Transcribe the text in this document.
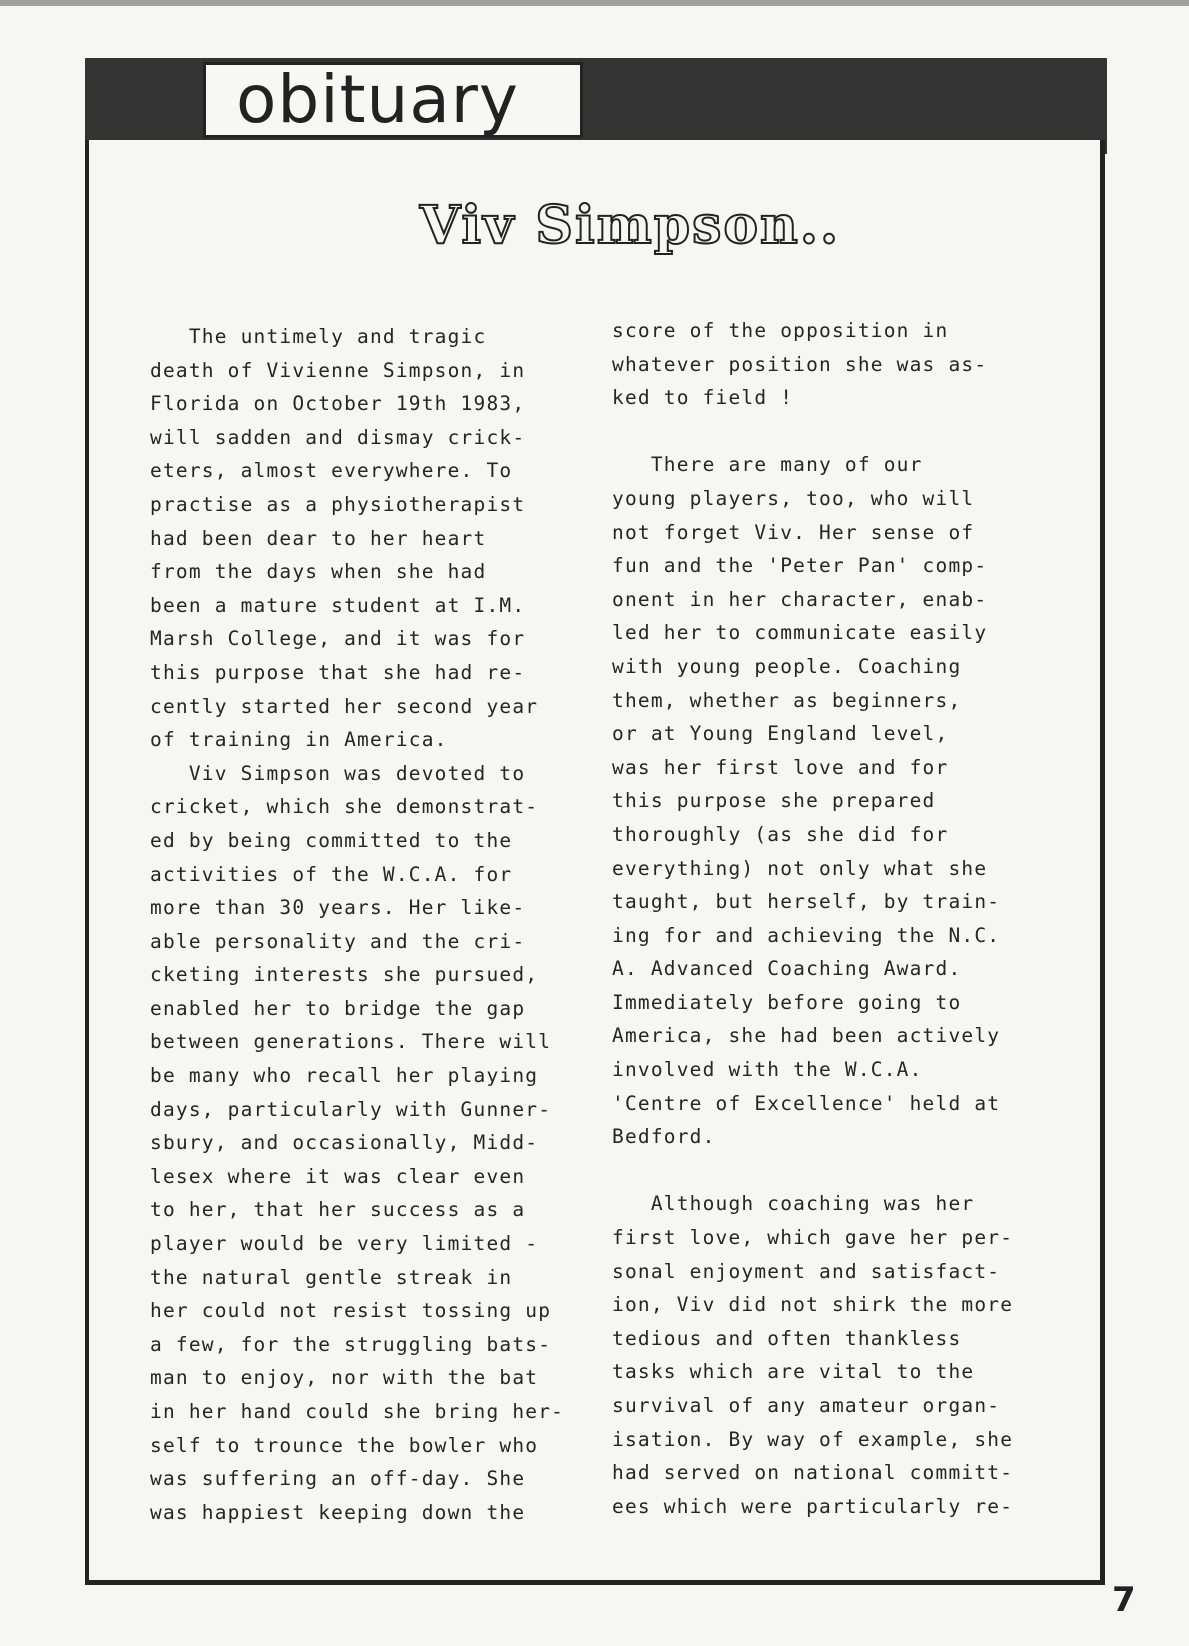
obituary
Viv Simpson..
The untimely and tragic
death of Vivienne Simpson, in
Florida on October 19th 1983,
will sadden and dismay crick-
eters, almost everywhere. To
practise as a physiotherapist
had been dear to her heart
from the days when she had
been a mature student at I.M.
Marsh College, and it was for
this purpose that she had re-
cently started her second year
of training in America.
Viv Simpson was devoted to
cricket, which she demonstrat-
ed by being committed to the
activities of the W.C.A. for
more than 30 years. Her like-
able personality and the cri-
cketing interests she pursued,
enabled her to bridge the gap
between generations. There will
be many who recall her playing
days, particularly with Gunner-
sbury, and occasionally, Midd-
lesex where it was clear even
to her, that her success as a
player would be very limited -
the natural gentle streak in
her could not resist tossing up
a few, for the struggling bats-
man to enjoy, nor with the bat
in her hand could she bring her-
self to trounce the bowler who
was suffering an off-day. She
was happiest keeping down the
score of the opposition in
whatever position she was as-
ked to field !

There are many of our
young players, too, who will
not forget Viv. Her sense of
fun and the 'Peter Pan' comp-
onent in her character, enab-
led her to communicate easily
with young people. Coaching
them, whether as beginners,
or at Young England level,
was her first love and for
this purpose she prepared
thoroughly (as she did for
everything) not only what she
taught, but herself, by train-
ing for and achieving the N.C.
A. Advanced Coaching Award.
Immediately before going to
America, she had been actively
involved with the W.C.A.
'Centre of Excellence' held at
Bedford.

Although coaching was her
first love, which gave her per-
sonal enjoyment and satisfact-
ion, Viv did not shirk the more
tedious and often thankless
tasks which are vital to the
survival of any amateur organ-
isation. By way of example, she
had served on national committ-
ees which were particularly re-
7
